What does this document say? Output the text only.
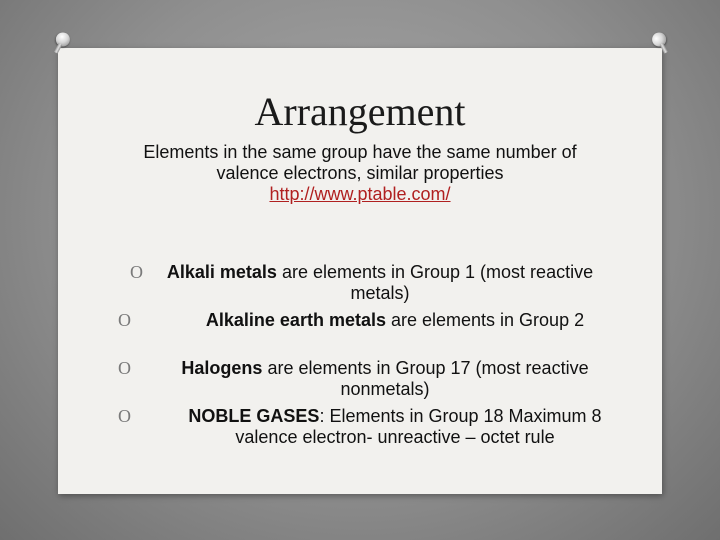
Arrangement
Elements in the same group have the same number of valence electrons, similar properties
http://www.ptable.com/
O	Alkali metals are elements in Group 1 (most reactive metals)
O	Alkaline earth metals are elements in Group 2
O	Halogens are elements in Group 17 (most reactive nonmetals)
O	NOBLE GASES: Elements in Group 18 Maximum 8 valence electron- unreactive – octet rule
